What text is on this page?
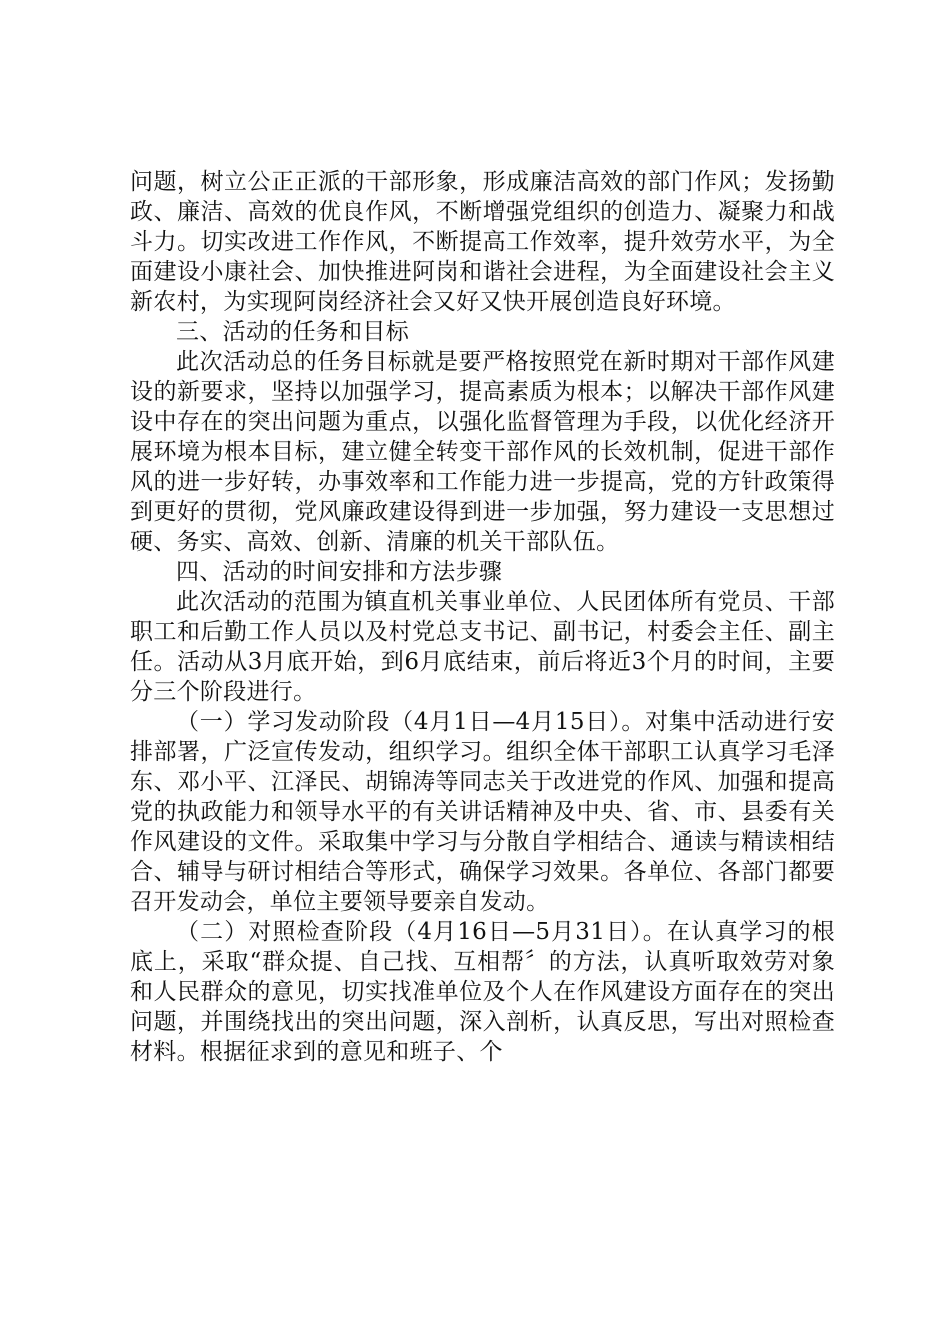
问题，树立公正正派的干部形象，形成廉洁高效的部门作风；发扬勤政、廉洁、高效的优良作风，不断增强党组织的创造力、凝聚力和战斗力。切实改进工作作风，不断提高工作效率，提升效劳水平，为全面建设小康社会、加快推进阿岗和谐社会进程，为全面建设社会主义新农村，为实现阿岗经济社会又好又快开展创造良好环境。

三、活动的任务和目标

此次活动总的任务目标就是要严格按照党在新时期对干部作风建设的新要求，坚持以加强学习，提高素质为根本；以解决干部作风建设中存在的突出问题为重点，以强化监督管理为手段，以优化经济开展环境为根本目标，建立健全转变干部作风的长效机制，促进干部作风的进一步好转，办事效率和工作能力进一步提高，党的方针政策得到更好的贯彻，党风廉政建设得到进一步加强，努力建设一支思想过硬、务实、高效、创新、清廉的机关干部队伍。

四、活动的时间安排和方法步骤

此次活动的范围为镇直机关事业单位、人民团体所有党员、干部职工和后勤工作人员以及村党总支书记、副书记，村委会主任、副主任。活动从3月底开始，到6月底结束，前后将近3个月的时间，主要分三个阶段进行。

（一）学习发动阶段（4月1日—4月15日）。对集中活动进行安排部署，广泛宣传发动，组织学习。组织全体干部职工认真学习毛泽东、邓小平、江泽民、胡锦涛等同志关于改进党的作风、加强和提高党的执政能力和领导水平的有关讲话精神及中央、省、市、县委有关作风建设的文件。采取集中学习与分散自学相结合、通读与精读相结合、辅导与研讨相结合等形式，确保学习效果。各单位、各部门都要召开发动会，单位主要领导要亲自发动。

（二）对照检查阶段（4月16日—5月31日）。在认真学习的根底上，采取“群众提、自己找、互相帮〞的方法，认真听取效劳对象和人民群众的意见，切实找准单位及个人在作风建设方面存在的突出问题，并围绕找出的突出问题，深入剖析，认真反思，写出对照检查材料。根据征求到的意见和班子、个
